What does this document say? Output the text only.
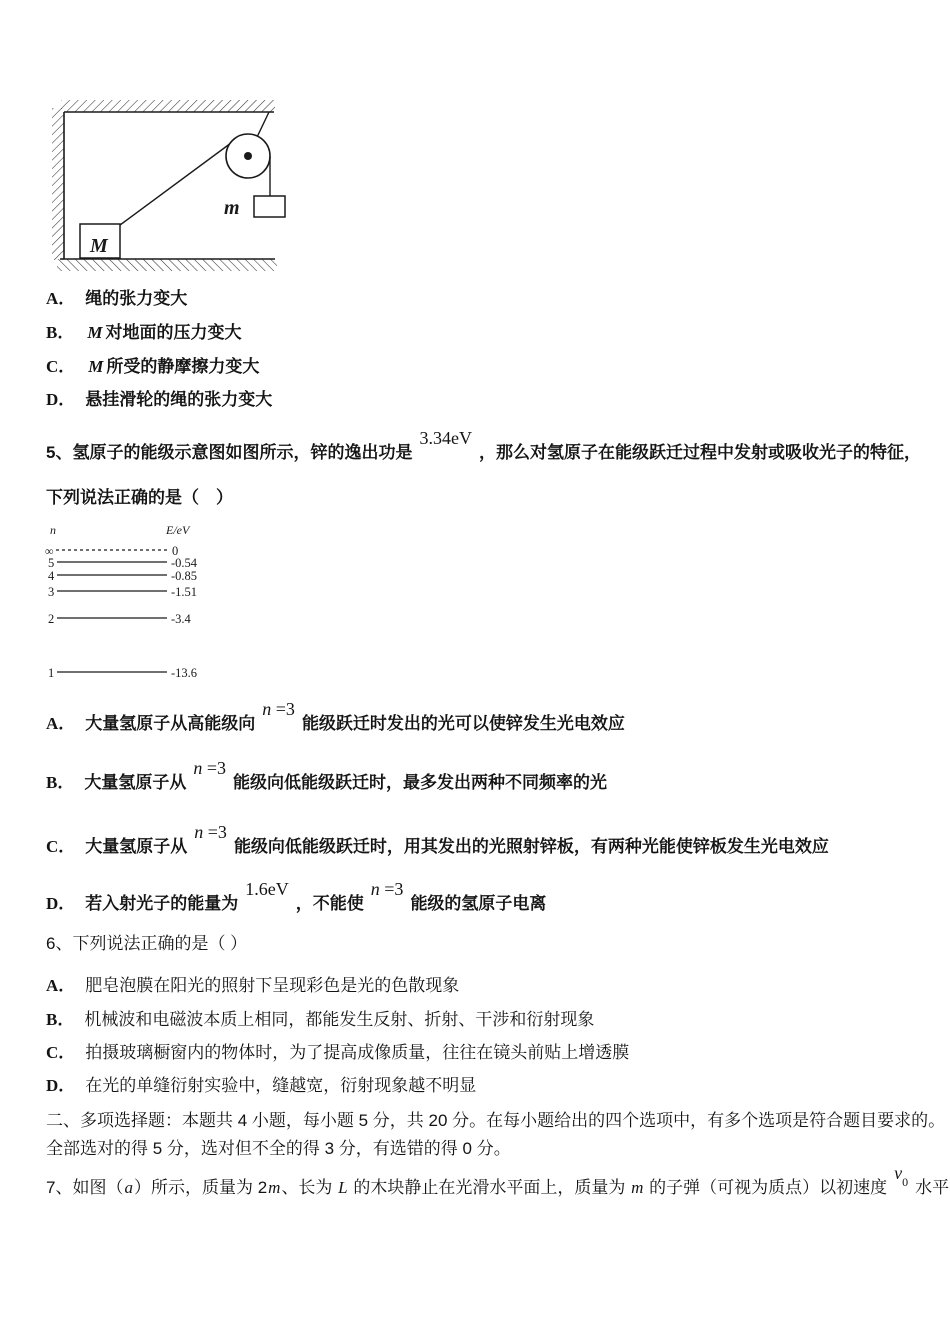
M
m
A． 绳的张力变大
B． M 对地面的压力变大
C． M 所受的静摩擦力变大
D． 悬挂滑轮的绳的张力变大
5、氢原子的能级示意图如图所示，锌的逸出功是3.34eV，那么对氢原子在能级跃迁过程中发射或吸收光子的特征，
下列说法正确的是（　）
n	E/eV
∞	0
5	-0.54
4	-0.85
3	-1.51
2	-3.4
1	-13.6
A． 大量氢原子从高能级向n =3能级跃迁时发出的光可以使锌发生光电效应
B． 大量氢原子从n =3能级向低能级跃迁时，最多发出两种不同频率的光
C． 大量氢原子从n =3能级向低能级跃迁时，用其发出的光照射锌板，有两种光能使锌板发生光电效应
D． 若入射光子的能量为1.6eV，不能使n =3能级的氢原子电离
6、下列说法正确的是（ ）
A． 肥皂泡膜在阳光的照射下呈现彩色是光的色散现象
B． 机械波和电磁波本质上相同，都能发生反射、折射、干涉和衍射现象
C． 拍摄玻璃橱窗内的物体时，为了提高成像质量，往往在镜头前贴上增透膜
D． 在光的单缝衍射实验中，缝越宽，衍射现象越不明显
二、多项选择题：本题共 4 小题，每小题 5 分，共 20 分。在每小题给出的四个选项中，有多个选项是符合题目要求的。
全部选对的得 5 分，选对但不全的得 3 分，有选错的得 0 分。
7、如图（a）所示，质量为 2m、长为 L 的木块静止在光滑水平面上，质量为 m 的子弹（可视为质点）以初速度$v_0$ 水平
